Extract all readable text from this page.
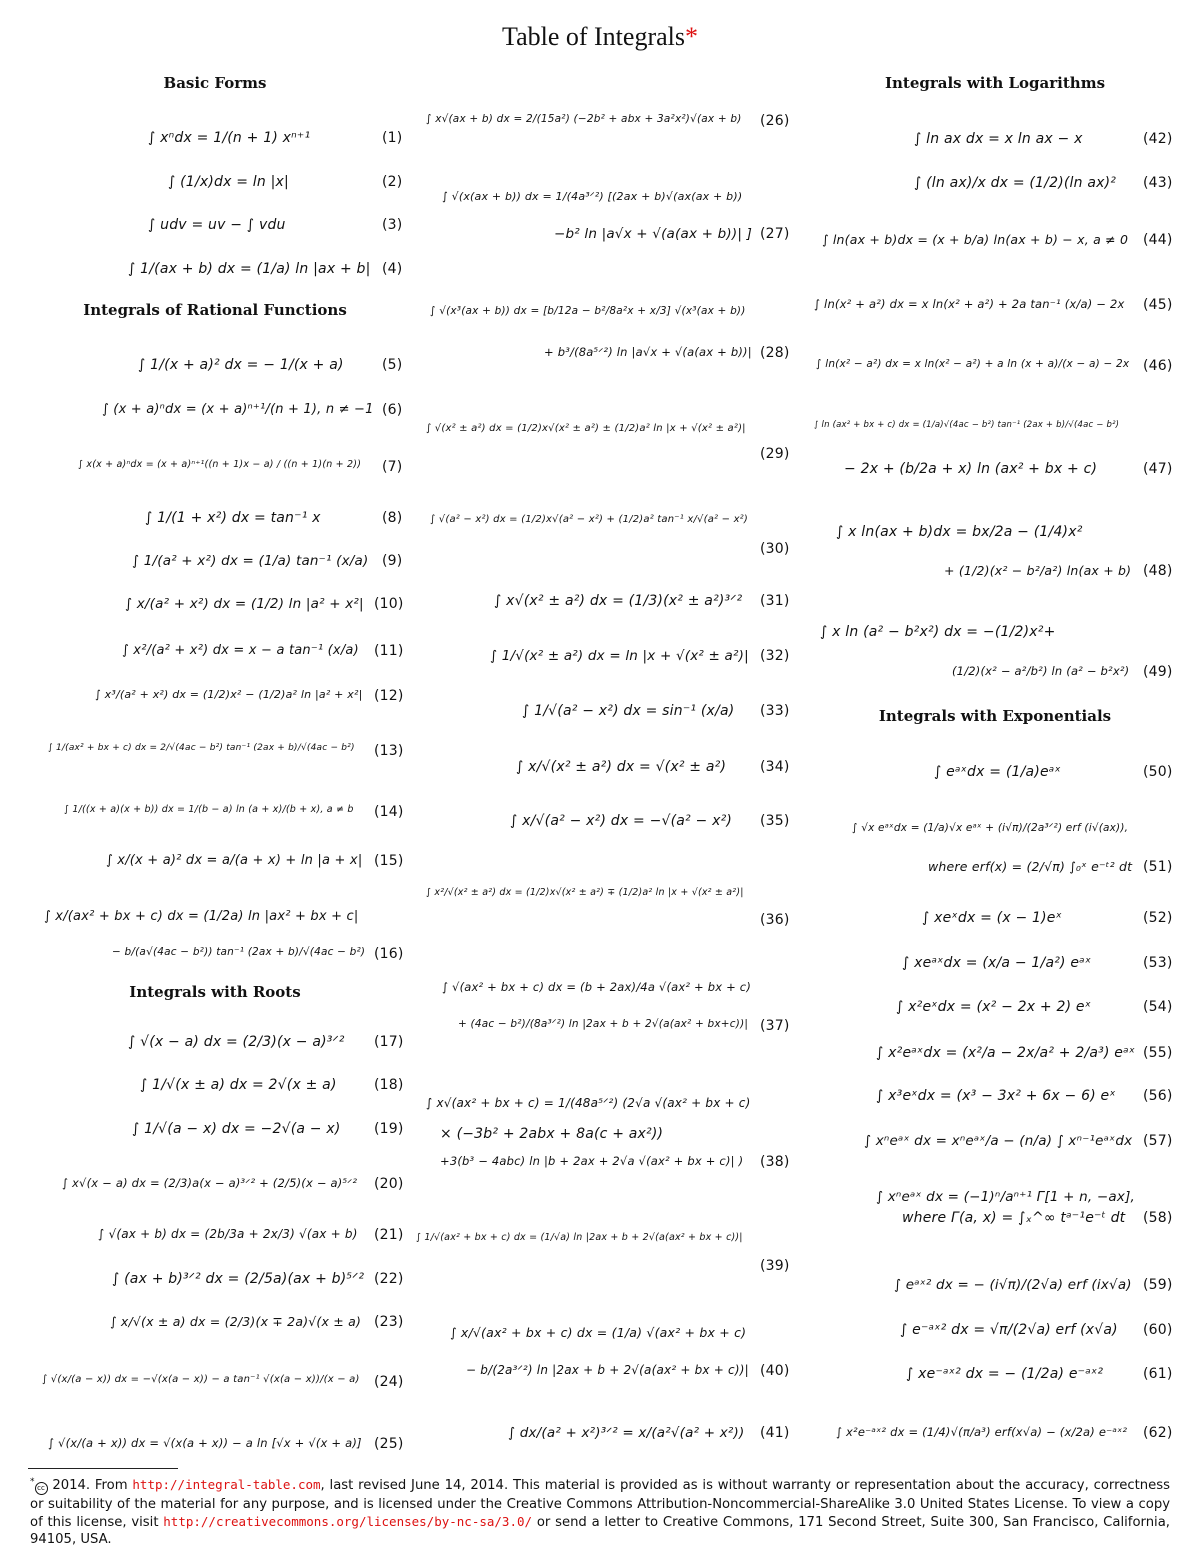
Table of Integrals*
Basic Forms
∫ xⁿdx = 1/(n + 1) xⁿ⁺¹	(1)
∫ (1/x)dx = ln |x|	(2)
∫ udv = uv − ∫ vdu	(3)
∫ 1/(ax + b) dx = (1/a) ln |ax + b| (4)
Integrals of Rational Functions
∫ 1/(x + a)² dx = − 1/(x + a)	(5)
∫ (x + a)ⁿdx = (x + a)ⁿ⁺¹/(n + 1), n ≠ −1 (6)
∫ x(x + a)ⁿdx = (x + a)ⁿ⁺¹((n + 1)x − a) / ((n + 1)(n + 2)) (7)
∫ 1/(1 + x²) dx = tan⁻¹ x	(8)
∫ 1/(a² + x²) dx = (1/a) tan⁻¹ (x/a) (9)
∫ x/(a² + x²) dx = (1/2) ln |a² + x²| (10)
∫ x²/(a² + x²) dx = x − a tan⁻¹ (x/a) (11)
∫ x³/(a² + x²) dx = (1/2)x² − (1/2)a² ln |a² + x²| (12)
∫ 1/(ax² + bx + c) dx = 2/√(4ac − b²) tan⁻¹ (2ax + b)/√(4ac − b²) (13)
∫ 1/((x + a)(x + b)) dx = 1/(b − a) ln (a + x)/(b + x), a ≠ b (14)
∫ x/(x + a)² dx = a/(a + x) + ln |a + x| (15)
∫ x/(ax² + bx + c) dx = (1/2a) ln |ax² + bx + c|
− b/(a√(4ac − b²)) tan⁻¹ (2ax + b)/√(4ac − b²) (16)
Integrals with Roots
∫ √(x − a) dx = (2/3)(x − a)³ᐟ² (17)
∫ 1/√(x ± a) dx = 2√(x ± a)	(18)
∫ 1/√(a − x) dx = −2√(a − x) (19)
∫ x√(x − a) dx = (2/3)a(x − a)³ᐟ² + (2/5)(x − a)⁵ᐟ² (20)
∫ √(ax + b) dx = (2b/3a + 2x/3) √(ax + b) (21)
∫ (ax + b)³ᐟ² dx = (2/5a)(ax + b)⁵ᐟ² (22)
∫ x/√(x ± a) dx = (2/3)(x ∓ 2a)√(x ± a) (23)
∫ √(x/(a − x)) dx = −√(x(a − x)) − a tan⁻¹ √(x(a − x))/(x − a) (24)
∫ √(x/(a + x)) dx = √(x(a + x)) − a ln [√x + √(x + a)] (25)
∫ x√(ax + b) dx = 2/(15a²) (−2b² + abx + 3a²x²)√(ax + b) (26)
∫ √(x(ax + b)) dx = 1/(4a³ᐟ²) [(2ax + b)√(ax(ax + b))
−b² ln |a√x + √(a(ax + b))| ] (27)
∫ √(x³(ax + b)) dx = [b/12a − b²/8a²x + x/3] √(x³(ax + b))
+ b³/(8a⁵ᐟ²) ln |a√x + √(a(ax + b))| (28)
∫ √(x² ± a²) dx = (1/2)x√(x² ± a²) ± (1/2)a² ln |x + √(x² ± a²)|
(29)
∫ √(a² − x²) dx = (1/2)x√(a² − x²) + (1/2)a² tan⁻¹ x/√(a² − x²)
(30)
∫ x√(x² ± a²) dx = (1/3)(x² ± a²)³ᐟ² (31)
∫ 1/√(x² ± a²) dx = ln |x + √(x² ± a²)| (32)
∫ 1/√(a² − x²) dx = sin⁻¹ (x/a) (33)
∫ x/√(x² ± a²) dx = √(x² ± a²) (34)
∫ x/√(a² − x²) dx = −√(a² − x²) (35)
∫ x²/√(x² ± a²) dx = (1/2)x√(x² ± a²) ∓ (1/2)a² ln |x + √(x² ± a²)|
(36)
∫ √(ax² + bx + c) dx = (b + 2ax)/4a √(ax² + bx + c)
+ (4ac − b²)/(8a³ᐟ²) ln |2ax + b + 2√(a(ax² + bx+c))| (37)
∫ x√(ax² + bx + c) = 1/(48a⁵ᐟ²) (2√a √(ax² + bx + c)
× (−3b² + 2abx + 8a(c + ax²))
+3(b³ − 4abc) ln |b + 2ax + 2√a √(ax² + bx + c)| ) (38)
∫ 1/√(ax² + bx + c) dx = (1/√a) ln |2ax + b + 2√(a(ax² + bx + c))|
(39)
∫ x/√(ax² + bx + c) dx = (1/a) √(ax² + bx + c)
− b/(2a³ᐟ²) ln |2ax + b + 2√(a(ax² + bx + c))| (40)
∫ dx/(a² + x²)³ᐟ² = x/(a²√(a² + x²)) (41)
Integrals with Logarithms
∫ ln ax dx = x ln ax − x	(42)
∫ (ln ax)/x dx = (1/2)(ln ax)² (43)
∫ ln(ax + b)dx = (x + b/a) ln(ax + b) − x, a ≠ 0 (44)
∫ ln(x² + a²) dx = x ln(x² + a²) + 2a tan⁻¹ (x/a) − 2x (45)
∫ ln(x² − a²) dx = x ln(x² − a²) + a ln (x + a)/(x − a) − 2x (46)
∫ ln (ax² + bx + c) dx = (1/a)√(4ac − b²) tan⁻¹ (2ax + b)/√(4ac − b²)
− 2x + (b/2a + x) ln (ax² + bx + c)	(47)
∫ x ln(ax + b)dx = bx/2a − (1/4)x²
+ (1/2)(x² − b²/a²) ln(ax + b) (48)
∫ x ln (a² − b²x²) dx = −(1/2)x²+
(1/2)(x² − a²/b²) ln (a² − b²x²) (49)
Integrals with Exponentials
∫ eᵃˣdx = (1/a)eᵃˣ	(50)
∫ √x eᵃˣdx = (1/a)√x eᵃˣ + (i√π)/(2a³ᐟ²) erf (i√(ax)),
where erf(x) = (2/√π) ∫₀ˣ e⁻ᵗ² dt (51)
∫ xeˣdx = (x − 1)eˣ	(52)
∫ xeᵃˣdx = (x/a − 1/a²) eᵃˣ	(53)
∫ x²eˣdx = (x² − 2x + 2) eˣ	(54)
∫ x²eᵃˣdx = (x²/a − 2x/a² + 2/a³) eᵃˣ (55)
∫ x³eˣdx = (x³ − 3x² + 6x − 6) eˣ (56)
∫ xⁿeᵃˣ dx = xⁿeᵃˣ/a − (n/a) ∫ xⁿ⁻¹eᵃˣdx (57)
∫ xⁿeᵃˣ dx = (−1)ⁿ/aⁿ⁺¹ Γ[1 + n, −ax],
where Γ(a, x) = ∫ₓ^∞ tᵃ⁻¹e⁻ᵗ dt (58)
∫ eᵃˣ² dx = − (i√π)/(2√a) erf (ix√a) (59)
∫ e⁻ᵃˣ² dx = √π/(2√a) erf (x√a) (60)
∫ xe⁻ᵃˣ² dx = − (1/2a) e⁻ᵃˣ²	(61)
∫ x²e⁻ᵃˣ² dx = (1/4)√(π/a³) erf(x√a) − (x/2a) e⁻ᵃˣ² (62)
*cc 2014. From http://integral-table.com, last revised June 14, 2014. This material is provided as is without warranty or representation about the accuracy, correctness or suitability of the material for any purpose, and is licensed under the Creative Commons Attribution-Noncommercial-ShareAlike 3.0 United States License. To view a copy of this license, visit http://creativecommons.org/licenses/by-nc-sa/3.0/ or send a letter to Creative Commons, 171 Second Street, Suite 300, San Francisco, California, 94105, USA.
